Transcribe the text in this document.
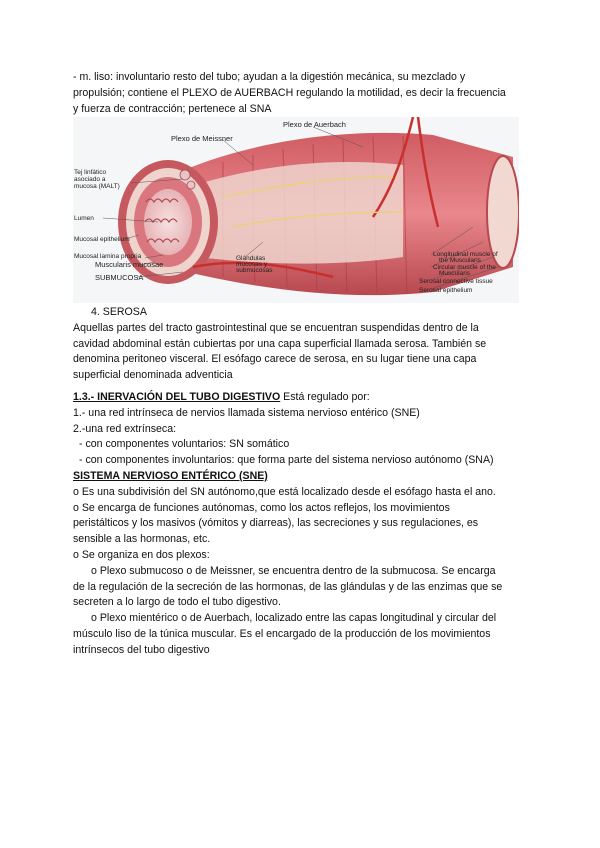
- m. liso: involuntario resto del tubo; ayudan a la digestión mecánica, su mezclado y
propulsión; contiene el PLEXO de AUERBACH regulando la motilidad, es decir la frecuencia
y fuerza de contracción; pertenece al SNA

Plexo de Auerbach
Plexo de Meissner
Tej linfático
asociado a
mucosa (MALT)
Lumen
Mucosal epithelium
Mucosal lamina propria
Muscularis mucosae
SUBMUCOSA
Glándulas
mucosas y
submucosas
Longitudinal muscle of
the Muscularis
Circular muscle of the
Muscularis
Serosal connective tissue
Serosal epithelium

4. SEROSA
Aquellas partes del tracto gastrointestinal que se encuentran suspendidas dentro de la
cavidad abdominal están cubiertas por una capa superficial llamada serosa. También se
denomina peritoneo visceral. El esófago carece de serosa, en su lugar tiene una capa
superficial denominada adventicia

1.3.- INERVACIÓN DEL TUBO DIGESTIVO Está regulado por:
1.- una red intrínseca de nervios llamada sistema nervioso entérico (SNE)
2.-una red extrínseca:
- con componentes voluntarios: SN somático
- con componentes involuntarios: que forma parte del sistema nervioso autónomo (SNA)
SISTEMA NERVIOSO ENTÉRICO (SNE)
o Es una subdivisión del SN autónomo,que está localizado desde el esófago hasta el ano.
o Se encarga de funciones autónomas, como los actos reflejos, los movimientos
peristálticos y los masivos (vómitos y diarreas), las secreciones y sus regulaciones, es
sensible a las hormonas, etc.
o Se organiza en dos plexos:
o Plexo submucoso o de Meissner, se encuentra dentro de la submucosa. Se encarga
de la regulación de la secreción de las hormonas, de las glándulas y de las enzimas que se
secreten a lo largo de todo el tubo digestivo.
o Plexo mientérico o de Auerbach, localizado entre las capas longitudinal y circular del
músculo liso de la túnica muscular. Es el encargado de la producción de los movimientos
intrínsecos del tubo digestivo
